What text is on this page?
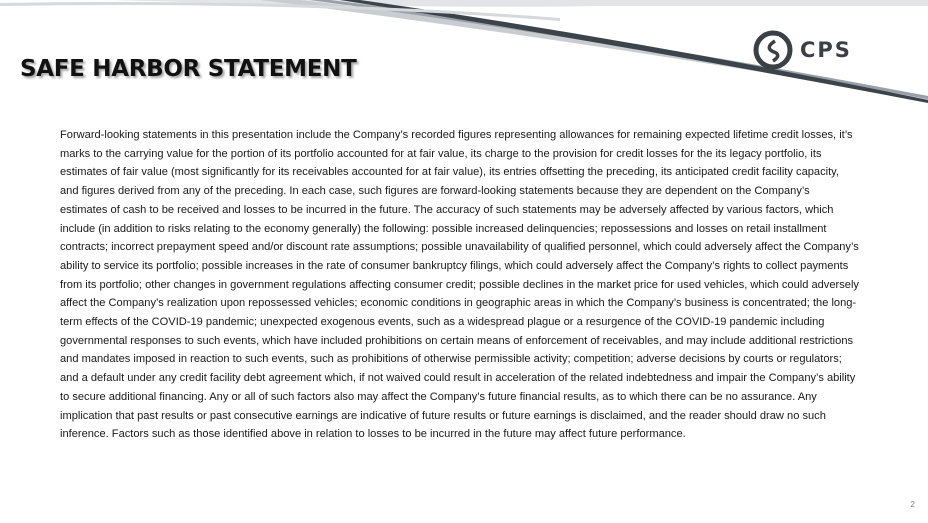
SAFE HARBOR STATEMENT
CPS

Forward-looking statements in this presentation include the Company’s recorded figures representing allowances for remaining expected lifetime credit losses, it’s marks to the carrying value for the portion of its portfolio accounted for at fair value, its charge to the provision for credit losses for the its legacy portfolio, its estimates of fair value (most significantly for its receivables accounted for at fair value), its entries offsetting the preceding, its anticipated credit facility capacity, and figures derived from any of the preceding. In each case, such figures are forward-looking statements because they are dependent on the Company’s estimates of cash to be received and losses to be incurred in the future. The accuracy of such statements may be adversely affected by various factors, which include (in addition to risks relating to the economy generally) the following: possible increased delinquencies; repossessions and losses on retail installment contracts; incorrect prepayment speed and/or discount rate assumptions; possible unavailability of qualified personnel, which could adversely affect the Company’s ability to service its portfolio; possible increases in the rate of consumer bankruptcy filings, which could adversely affect the Company’s rights to collect payments from its portfolio; other changes in government regulations affecting consumer credit; possible declines in the market price for used vehicles, which could adversely affect the Company’s realization upon repossessed vehicles; economic conditions in geographic areas in which the Company’s business is concentrated; the long-term effects of the COVID-19 pandemic; unexpected exogenous events, such as a widespread plague or a resurgence of the COVID-19 pandemic including governmental responses to such events, which have included prohibitions on certain means of enforcement of receivables, and may include additional restrictions and mandates imposed in reaction to such events, such as prohibitions of otherwise permissible activity; competition; adverse decisions by courts or regulators; and a default under any credit facility debt agreement which, if not waived could result in acceleration of the related indebtedness and impair the Company’s ability to secure additional financing. Any or all of such factors also may affect the Company’s future financial results, as to which there can be no assurance. Any implication that past results or past consecutive earnings are indicative of future results or future earnings is disclaimed, and the reader should draw no such inference. Factors such as those identified above in relation to losses to be incurred in the future may affect future performance.

2
